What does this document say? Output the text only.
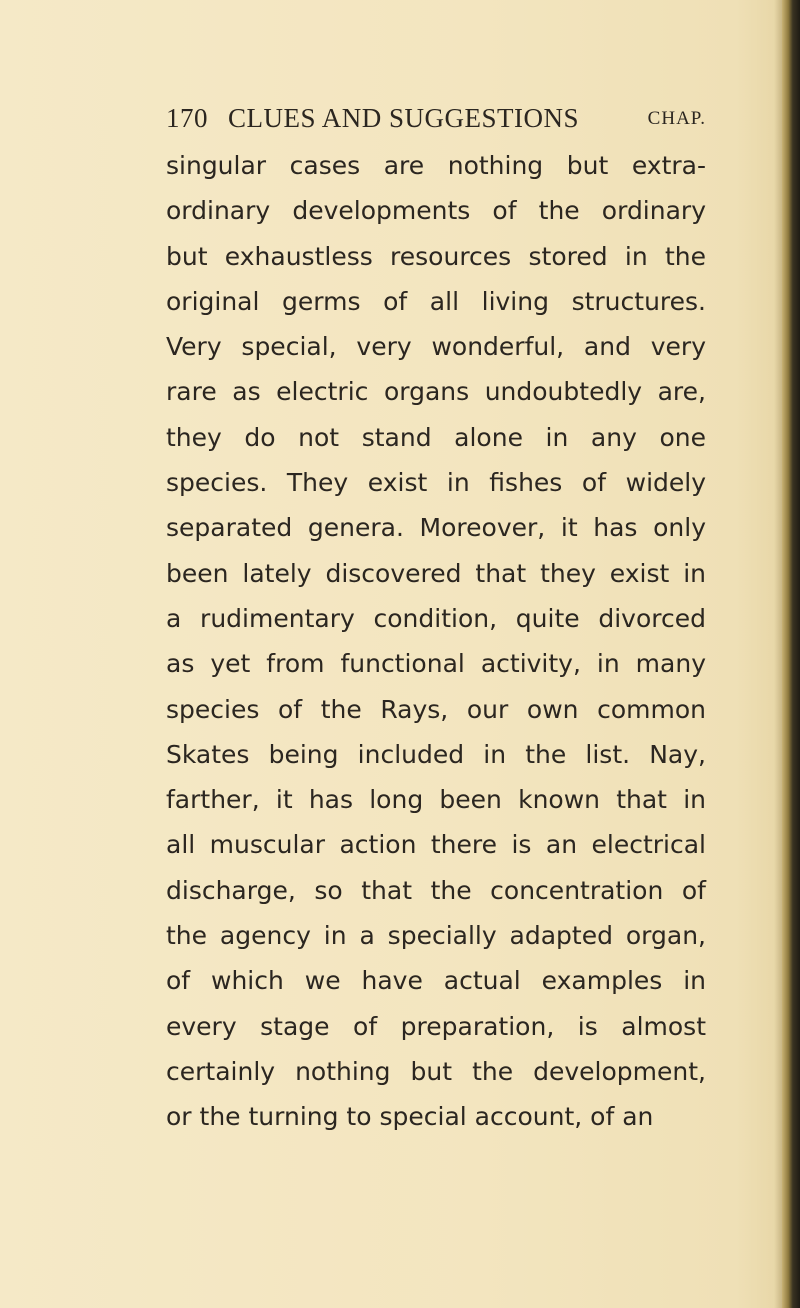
170 CLUES AND SUGGESTIONS	CHAP.
singular cases are nothing but extra-
ordinary developments of the ordinary
but exhaustless resources stored in the
original germs of all living structures.
Very special, very wonderful, and very
rare as electric organs undoubtedly are,
they do not stand alone in any one
species. They exist in fishes of widely
separated genera. Moreover, it has only
been lately discovered that they exist in
a rudimentary condition, quite divorced
as yet from functional activity, in many
species of the Rays, our own common
Skates being included in the list. Nay,
farther, it has long been known that in
all muscular action there is an electrical
discharge, so that the concentration of
the agency in a specially adapted organ,
of which we have actual examples in
every stage of preparation, is almost
certainly nothing but the development,
or the turning to special account, of an
